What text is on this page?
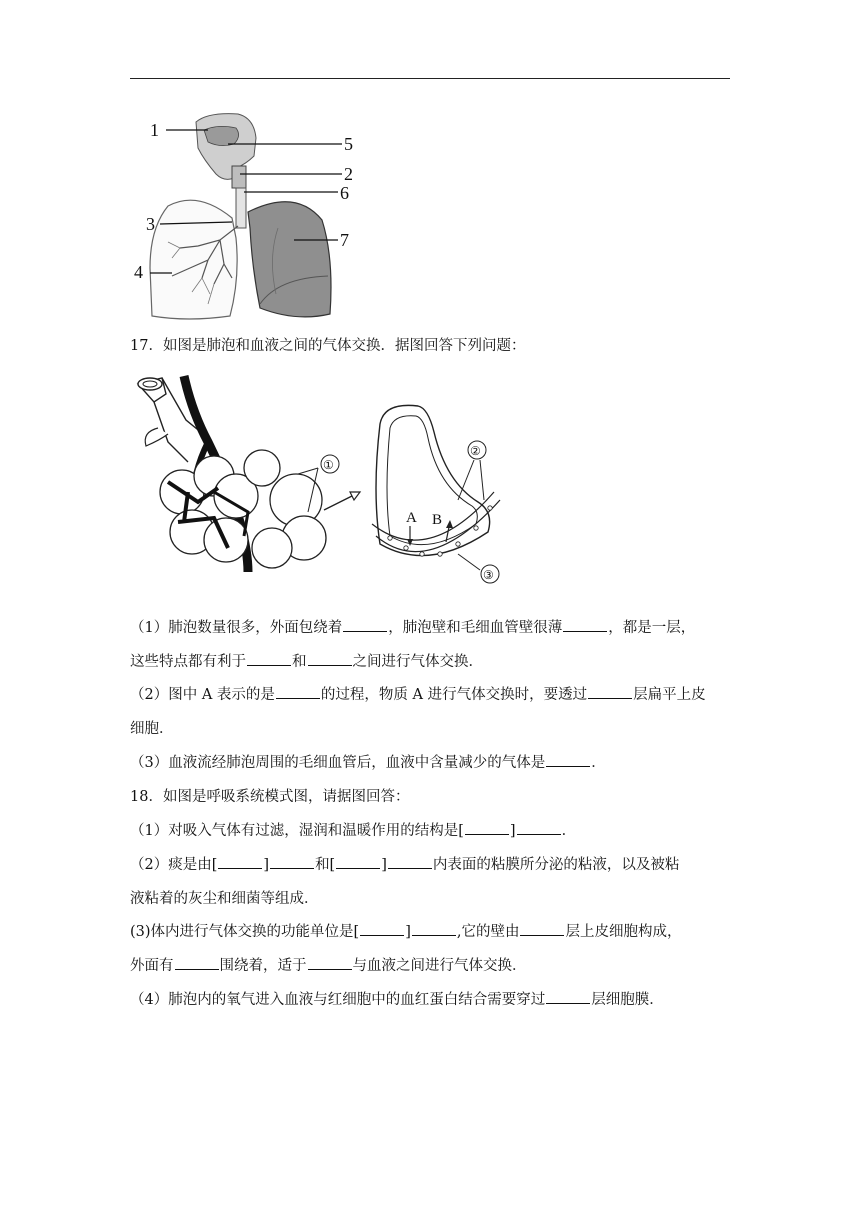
1
5
2
6
3
7
4

17．如图是肺泡和血液之间的气体交换．据图回答下列问题：

①
A B
②
③

（1）肺泡数量很多，外面包绕着	，肺泡壁和毛细血管壁很薄	，都是一层，

这些特点都有利于	和	之间进行气体交换．

（2）图中 A 表示的是	的过程，物质 A 进行气体交换时，要透过	层扁平上皮

细胞．

（3）血液流经肺泡周围的毛细血管后，血液中含量减少的气体是	．

18．如图是呼吸系统模式图，请据图回答：

（1）对吸入气体有过滤，湿润和温暖作用的结构是[	]	．

（2）痰是由[	]	和[	]	内表面的粘膜所分泌的粘液，以及被粘

液粘着的灰尘和细菌等组成．

(3)体内进行气体交换的功能单位是[	]	,它的壁由	层上皮细胞构成，

外面有	围绕着，适于	与血液之间进行气体交换．

（4）肺泡内的氧气进入血液与红细胞中的血红蛋白结合需要穿过	层细胞膜．
